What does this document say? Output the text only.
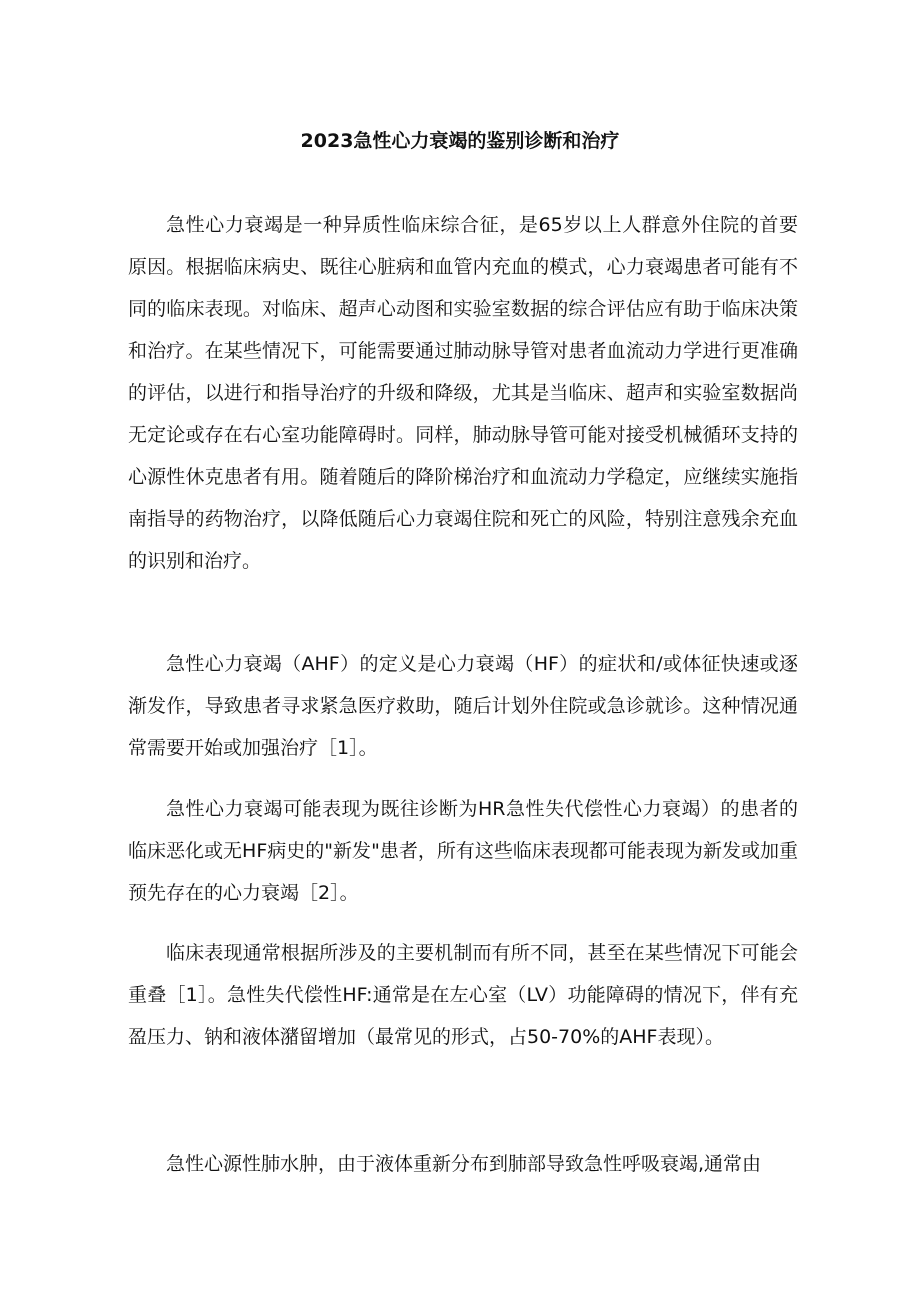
2023急性心力衰竭的鉴别诊断和治疗

急性心力衰竭是一种异质性临床综合征，是65岁以上人群意外住院的首要原因。根据临床病史、既往心脏病和血管内充血的模式，心力衰竭患者可能有不同的临床表现。对临床、超声心动图和实验室数据的综合评估应有助于临床决策和治疗。在某些情况下，可能需要通过肺动脉导管对患者血流动力学进行更准确的评估，以进行和指导治疗的升级和降级，尤其是当临床、超声和实验室数据尚无定论或存在右心室功能障碍时。同样，肺动脉导管可能对接受机械循环支持的心源性休克患者有用。随着随后的降阶梯治疗和血流动力学稳定，应继续实施指南指导的药物治疗，以降低随后心力衰竭住院和死亡的风险，特别注意残余充血的识别和治疗。

急性心力衰竭（AHF）的定义是心力衰竭（HF）的症状和/或体征快速或逐渐发作，导致患者寻求紧急医疗救助，随后计划外住院或急诊就诊。这种情况通常需要开始或加强治疗［1］。

急性心力衰竭可能表现为既往诊断为HR急性失代偿性心力衰竭）的患者的临床恶化或无HF病史的"新发"患者，所有这些临床表现都可能表现为新发或加重预先存在的心力衰竭［2］。

临床表现通常根据所涉及的主要机制而有所不同，甚至在某些情况下可能会重叠［1］。急性失代偿性HF:通常是在左心室（LV）功能障碍的情况下，伴有充盈压力、钠和液体潴留增加（最常见的形式，占50-70%的AHF表现）。

急性心源性肺水肿，由于液体重新分布到肺部导致急性呼吸衰竭,通常由
